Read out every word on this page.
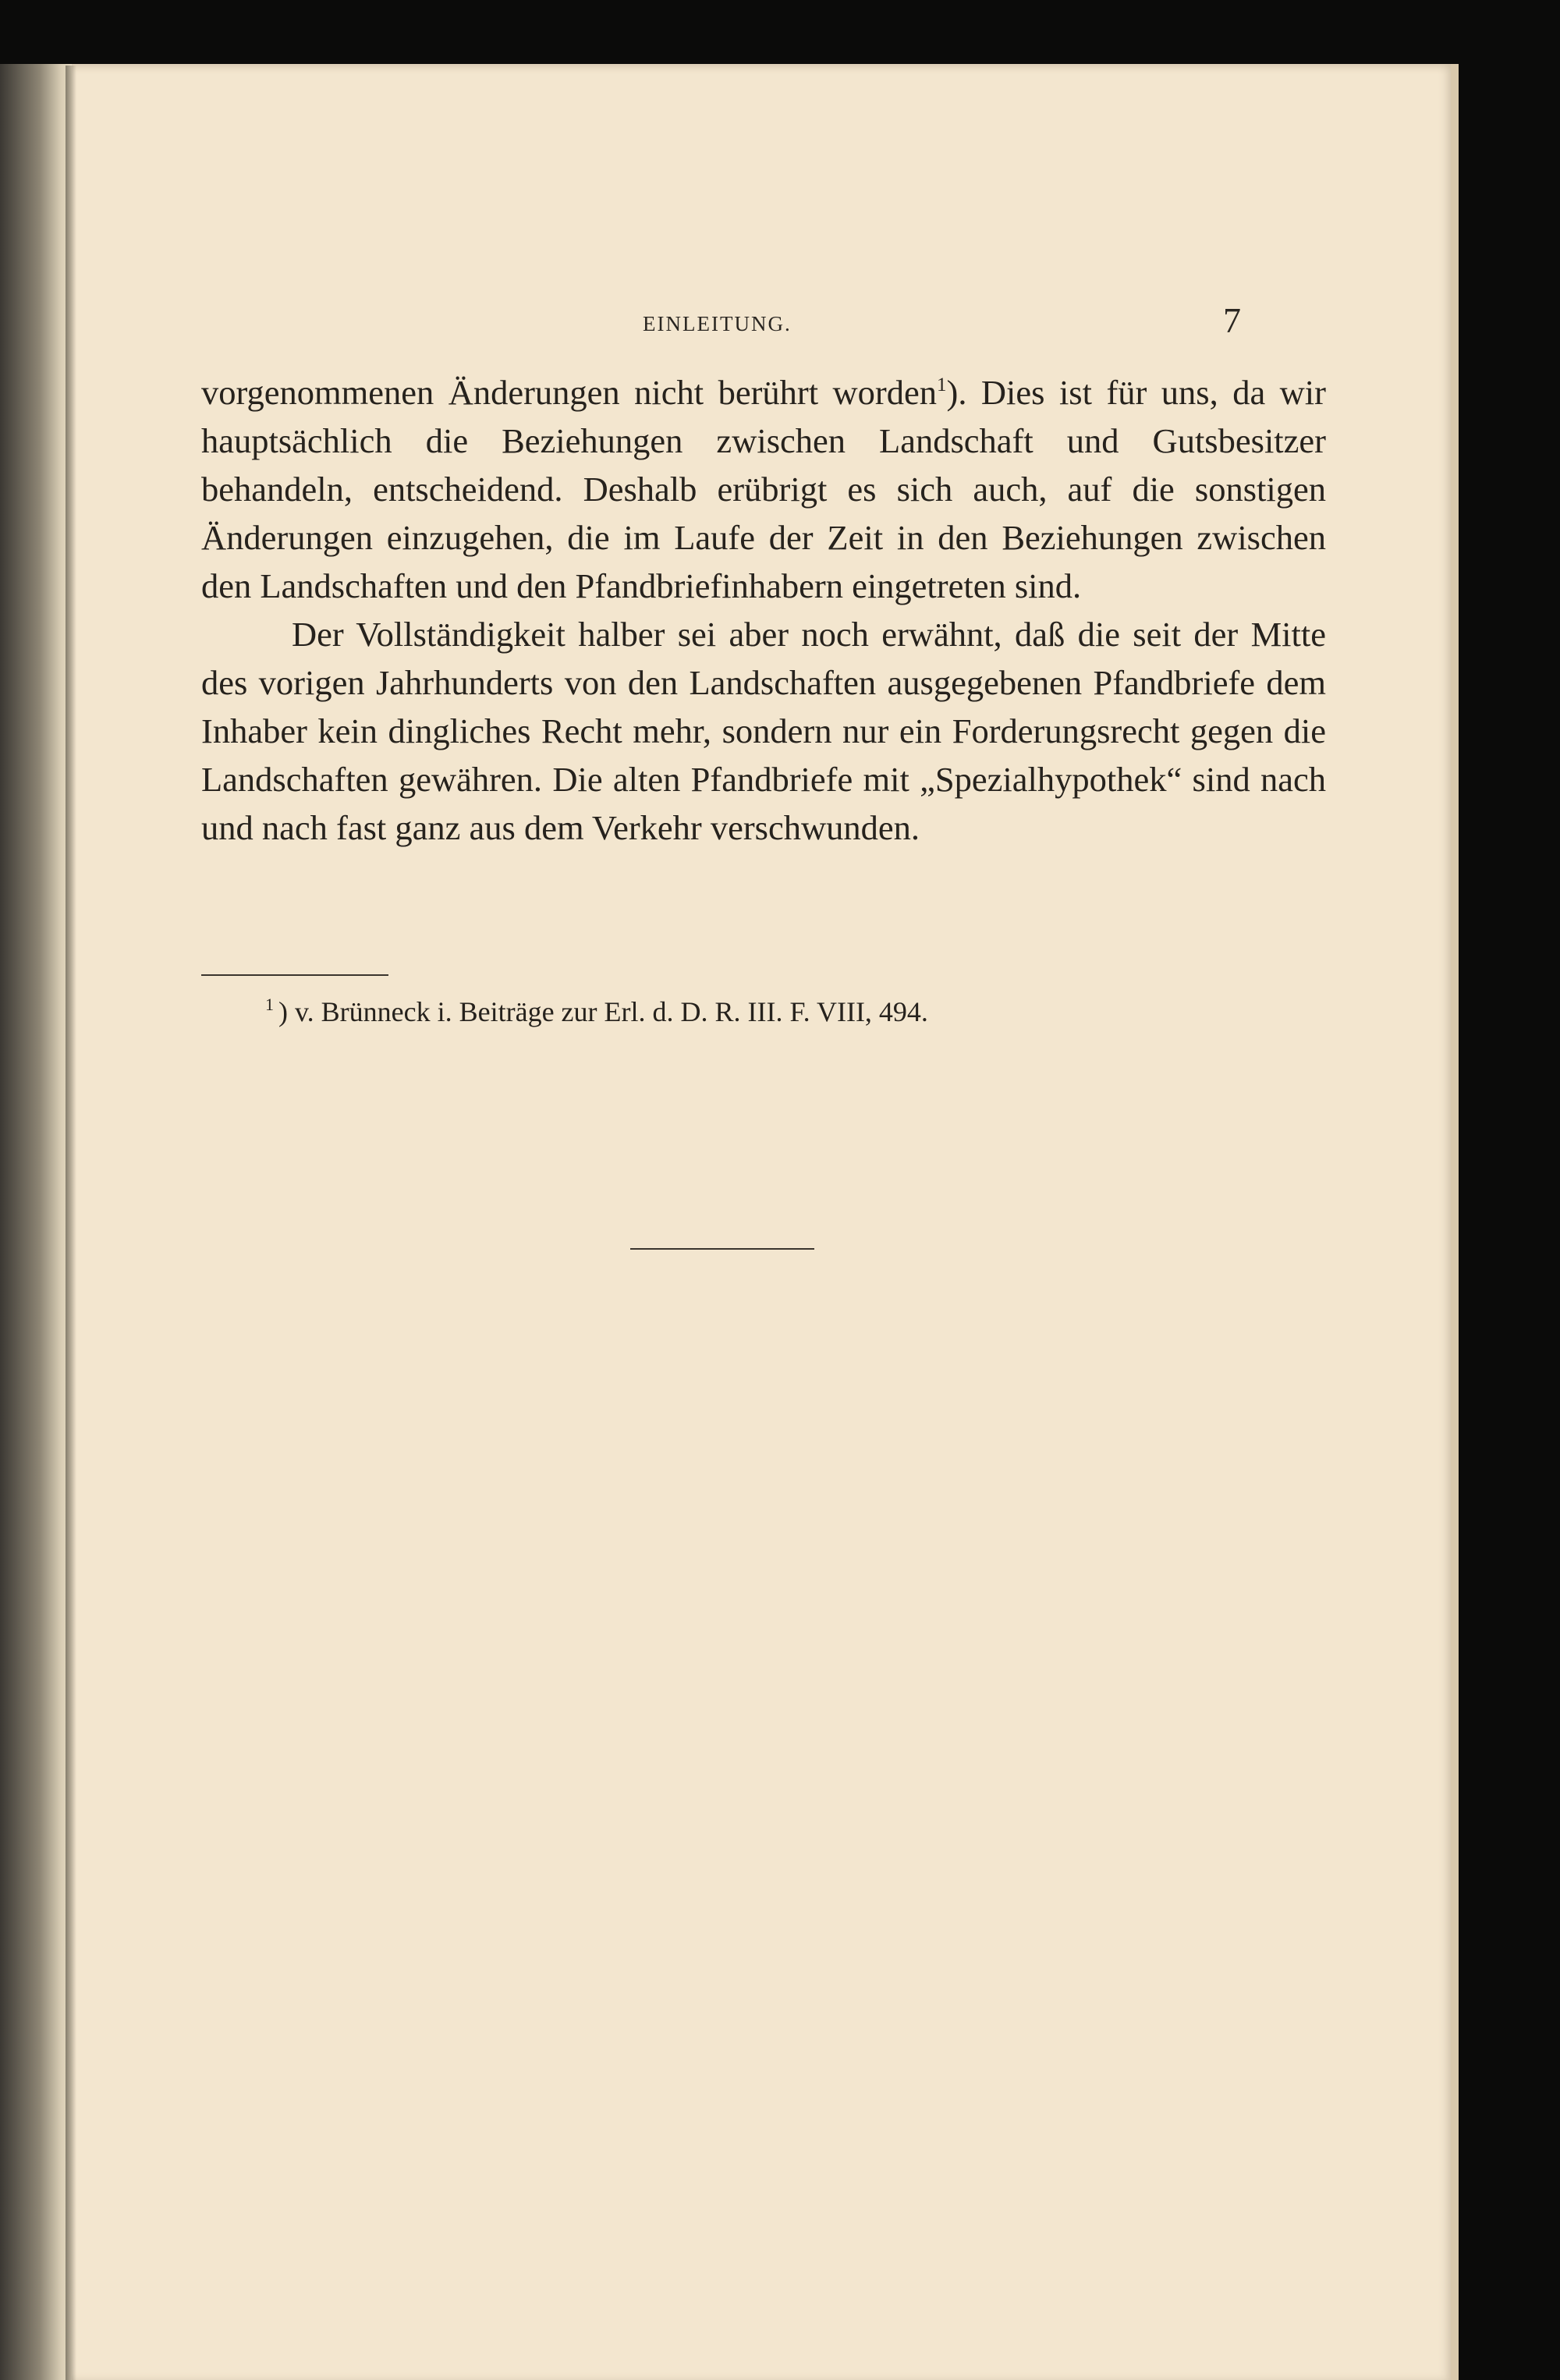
EINLEITUNG.	7

vorgenommenen Änderungen nicht berührt worden$^1$). Dies ist für uns, da wir hauptsächlich die Beziehungen zwischen Landschaft und Gutsbesitzer behandeln, entscheidend. Deshalb erübrigt es sich auch, auf die sonstigen Änderungen einzugehen, die im Laufe der Zeit in den Beziehungen zwischen den Landschaften und den Pfandbriefinhabern eingetreten sind.

Der Vollständigkeit halber sei aber noch erwähnt, daß die seit der Mitte des vorigen Jahrhunderts von den Landschaften ausgegebenen Pfandbriefe dem Inhaber kein dingliches Recht mehr, sondern nur ein Forderungsrecht gegen die Landschaften gewähren. Die alten Pfandbriefe mit „Spezialhypothek“ sind nach und nach fast ganz aus dem Verkehr verschwunden.

$^1$ ) v. Brünneck i. Beiträge zur Erl. d. D. R. III. F. VIII, 494.
